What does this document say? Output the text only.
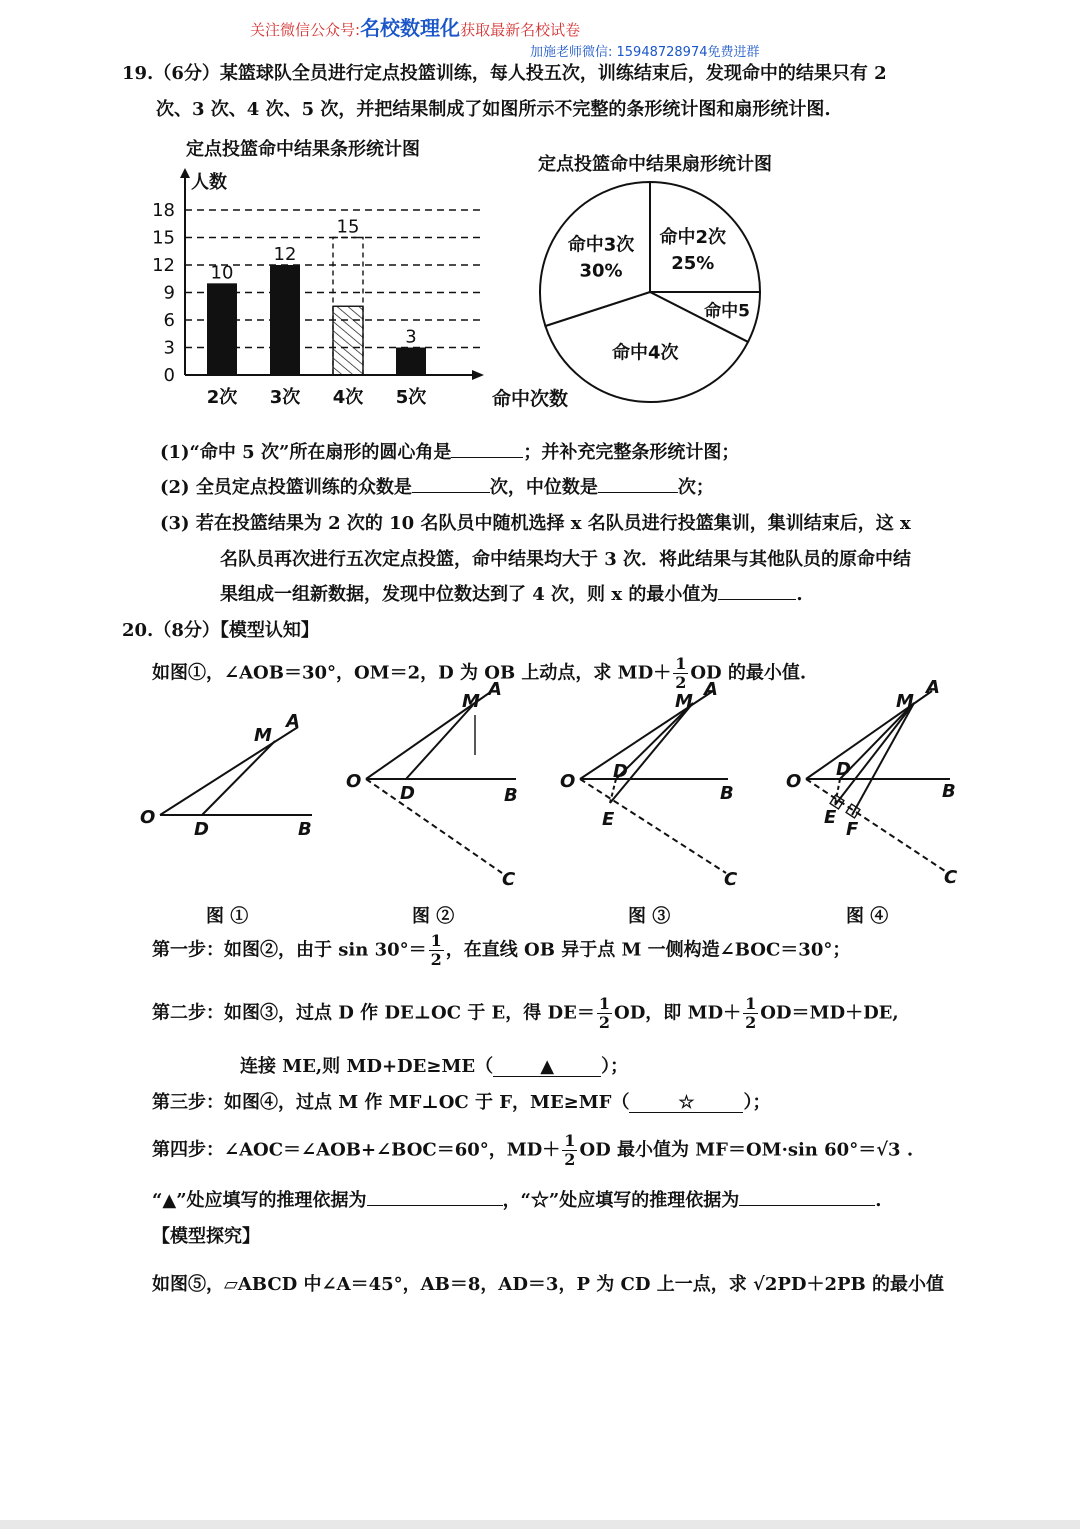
关注微信公众号:名校数理化获取最新名校试卷
加施老师微信: 15948728974免费进群
19.（6分）某篮球队全员进行定点投篮训练，每人投五次，训练结束后，发现命中的结果只有 2
次、3 次、4 次、5 次，并把结果制成了如图所示不完整的条形统计图和扇形统计图.
定点投篮命中结果条形统计图
0
3
6
9
12
15
18
人数
命中次数
10
2次
12
3次
15
4次
3
5次
定点投篮命中结果扇形统计图
命中2次
25%
命中5
命中4次
命中3次
30%
(1)“命中 5 次”所在扇形的圆心角是	；并补充完整条形统计图；
(2) 全员定点投篮训练的众数是	次，中位数是	次；
(3) 若在投篮结果为 2 次的 10 名队员中随机选择 x 名队员进行投篮集训，集训结束后，这 x
名队员再次进行五次定点投篮，命中结果均大于 3 次．将此结果与其他队员的原命中结
果组成一组新数据，发现中位数达到了 4 次，则 x 的最小值为	.
20.（8分）【模型认知】
如图①，∠AOB＝30°，OM＝2，D 为 OB 上动点，求 $MD+ \frac{1}{2}$ OD 的最小值.
O
D	B
M
A
O
D	B
M
A
C
O D
B
M
A
E
C
O
D
B
M
A
E
F
C
图 ①	图 ②	图 ③	图 ④
第一步：如图②，由于 $\sin 30^\circ= \frac{1}{2}$ ，在直线 OB 异于点 M 一侧构造∠BOC＝30°；
第二步：如图③，过点 D 作 DE⊥OC 于 E，得 $DE= \frac{1}{2}$ OD，即 $MD+ \frac{1}{2} OD=MD+DE$,
连接 ME,则 MD+DE≥ME（	▲	）；
第三步：如图④，过点 M 作 MF⊥OC 于 F，ME≥MF（	☆	）；
第四步：∠AOC＝∠AOB+∠BOC＝60°，$MD+ \frac{1}{2}$ OD 最小值为 MF＝OM·sin 60°＝√3 .
“▲”处应填写的推理依据为	，“☆”处应填写的推理依据为	.
【模型探究】
如图⑤，▱ABCD 中∠A＝45°，AB＝8，AD＝3，P 为 CD 上一点，求 √2PD＋2PB 的最小值
